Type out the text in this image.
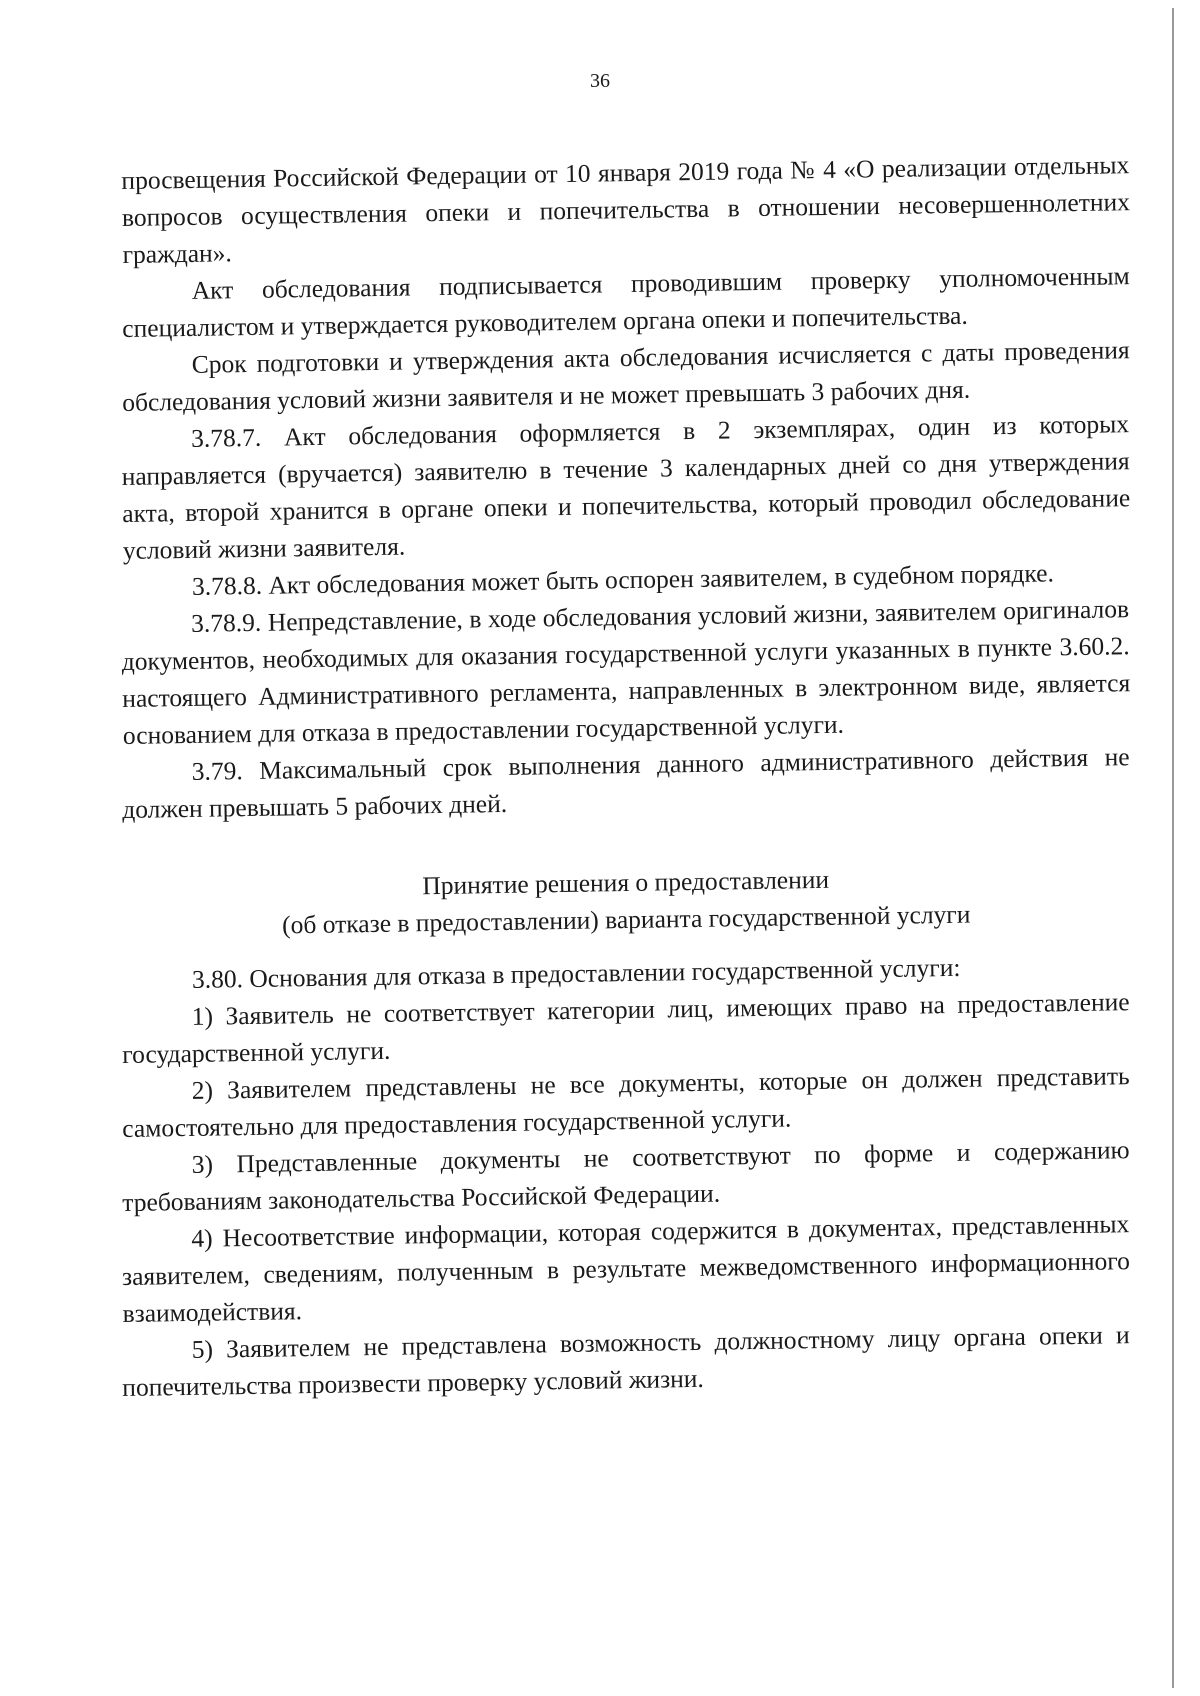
36

просвещения Российской Федерации от 10 января 2019 года № 4 «О реализации отдельных вопросов осуществления опеки и попечительства в отношении несовершеннолетних граждан».

Акт обследования подписывается проводившим проверку уполномоченным специалистом и утверждается руководителем органа опеки и попечительства.

Срок подготовки и утверждения акта обследования исчисляется с даты проведения обследования условий жизни заявителя и не может превышать 3 рабочих дня.

3.78.7. Акт обследования оформляется в 2 экземплярах, один из которых направляется (вручается) заявителю в течение 3 календарных дней со дня утверждения акта, второй хранится в органе опеки и попечительства, который проводил обследование условий жизни заявителя.

3.78.8. Акт обследования может быть оспорен заявителем, в судебном порядке.

3.78.9. Непредставление, в ходе обследования условий жизни, заявителем оригиналов документов, необходимых для оказания государственной услуги указанных в пункте 3.60.2. настоящего Административного регламента, направленных в электронном виде, является основанием для отказа в предоставлении государственной услуги.

3.79. Максимальный срок выполнения данного административного действия не должен превышать 5 рабочих дней.

Принятие решения о предоставлении
(об отказе в предоставлении) варианта государственной услуги

3.80. Основания для отказа в предоставлении государственной услуги:

1) Заявитель не соответствует категории лиц, имеющих право на предоставление государственной услуги.

2) Заявителем представлены не все документы, которые он должен представить самостоятельно для предоставления государственной услуги.

3) Представленные документы не соответствуют по форме и содержанию требованиям законодательства Российской Федерации.

4) Несоответствие информации, которая содержится в документах, представленных заявителем, сведениям, полученным в результате межведомственного информационного взаимодействия.

5) Заявителем не представлена возможность должностному лицу органа опеки и попечительства произвести проверку условий жизни.
